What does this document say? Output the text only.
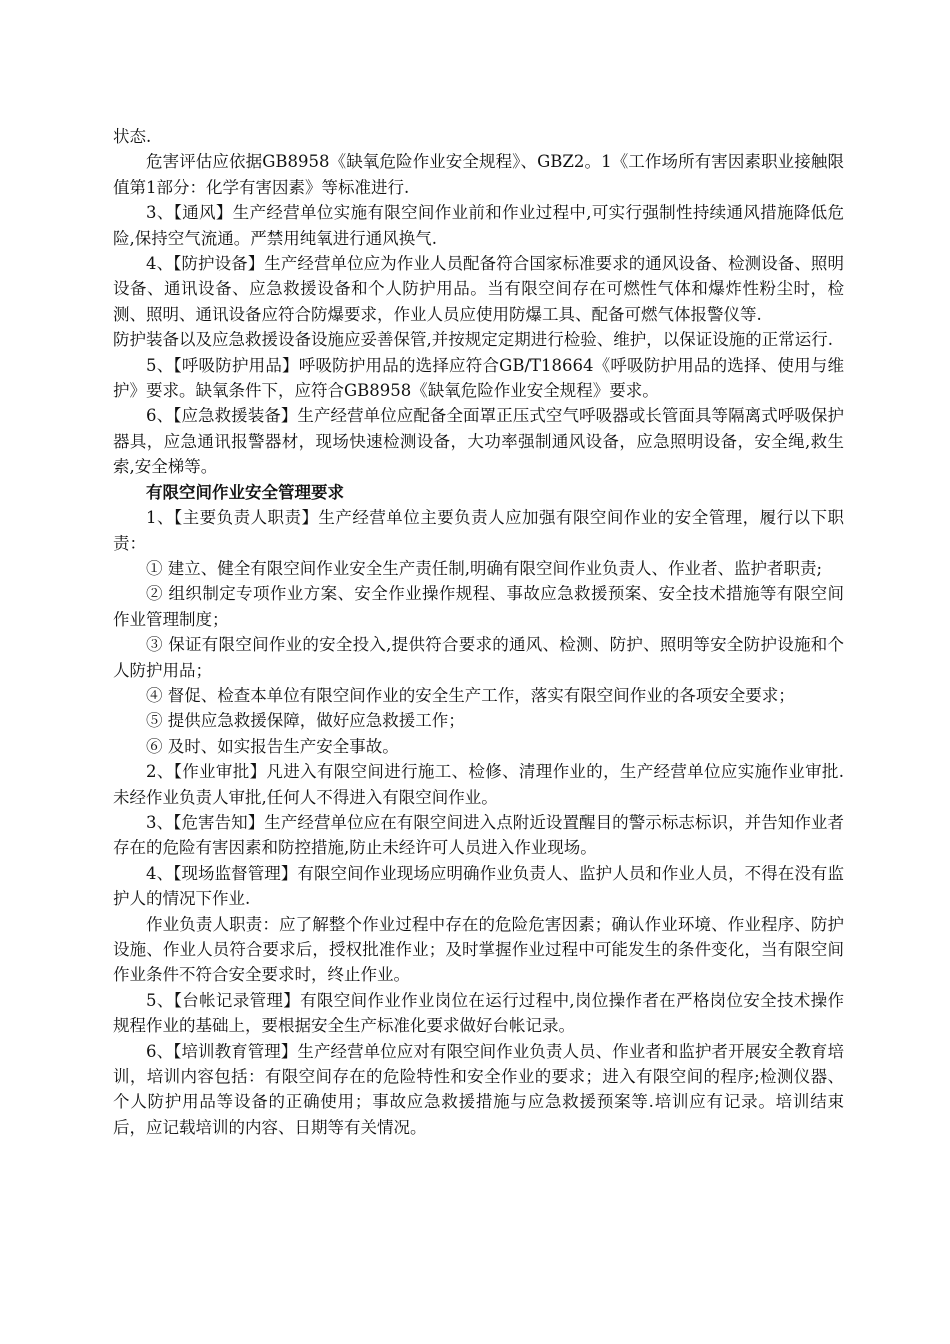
状态.

危害评估应依据GB8958《缺氧危险作业安全规程》、GBZ2。1《工作场所有害因素职业接触限值第1部分：化学有害因素》等标准进行.

3、【通风】生产经营单位实施有限空间作业前和作业过程中,可实行强制性持续通风措施降低危险,保持空气流通。严禁用纯氧进行通风换气.

4、【防护设备】生产经营单位应为作业人员配备符合国家标准要求的通风设备、检测设备、照明设备、通讯设备、应急救援设备和个人防护用品。当有限空间存在可燃性气体和爆炸性粉尘时，检测、照明、通讯设备应符合防爆要求，作业人员应使用防爆工具、配备可燃气体报警仪等.

防护装备以及应急救援设备设施应妥善保管,并按规定定期进行检验、维护，以保证设施的正常运行.

5、【呼吸防护用品】呼吸防护用品的选择应符合GB/T18664《呼吸防护用品的选择、使用与维护》要求。缺氧条件下，应符合GB8958《缺氧危险作业安全规程》要求。

6、【应急救援装备】生产经营单位应配备全面罩正压式空气呼吸器或长管面具等隔离式呼吸保护器具，应急通讯报警器材，现场快速检测设备，大功率强制通风设备，应急照明设备，安全绳,救生索,安全梯等。

有限空间作业安全管理要求

1、【主要负责人职责】生产经营单位主要负责人应加强有限空间作业的安全管理，履行以下职责：

① 建立、健全有限空间作业安全生产责任制,明确有限空间作业负责人、作业者、监护者职责;

② 组织制定专项作业方案、安全作业操作规程、事故应急救援预案、安全技术措施等有限空间作业管理制度；

③ 保证有限空间作业的安全投入,提供符合要求的通风、检测、防护、照明等安全防护设施和个人防护用品；

④ 督促、检查本单位有限空间作业的安全生产工作，落实有限空间作业的各项安全要求；

⑤ 提供应急救援保障，做好应急救援工作；

⑥ 及时、如实报告生产安全事故。

2、【作业审批】凡进入有限空间进行施工、检修、清理作业的，生产经营单位应实施作业审批.未经作业负责人审批,任何人不得进入有限空间作业。

3、【危害告知】生产经营单位应在有限空间进入点附近设置醒目的警示标志标识，并告知作业者存在的危险有害因素和防控措施,防止未经许可人员进入作业现场。

4、【现场监督管理】有限空间作业现场应明确作业负责人、监护人员和作业人员，不得在没有监护人的情况下作业.

作业负责人职责：应了解整个作业过程中存在的危险危害因素；确认作业环境、作业程序、防护设施、作业人员符合要求后，授权批准作业；及时掌握作业过程中可能发生的条件变化，当有限空间作业条件不符合安全要求时，终止作业。

5、【台帐记录管理】有限空间作业作业岗位在运行过程中,岗位操作者在严格岗位安全技术操作规程作业的基础上，要根据安全生产标准化要求做好台帐记录。

6、【培训教育管理】生产经营单位应对有限空间作业负责人员、作业者和监护者开展安全教育培训，培训内容包括：有限空间存在的危险特性和安全作业的要求；进入有限空间的程序;检测仪器、个人防护用品等设备的正确使用；事故应急救援措施与应急救援预案等.培训应有记录。培训结束后，应记载培训的内容、日期等有关情况。
